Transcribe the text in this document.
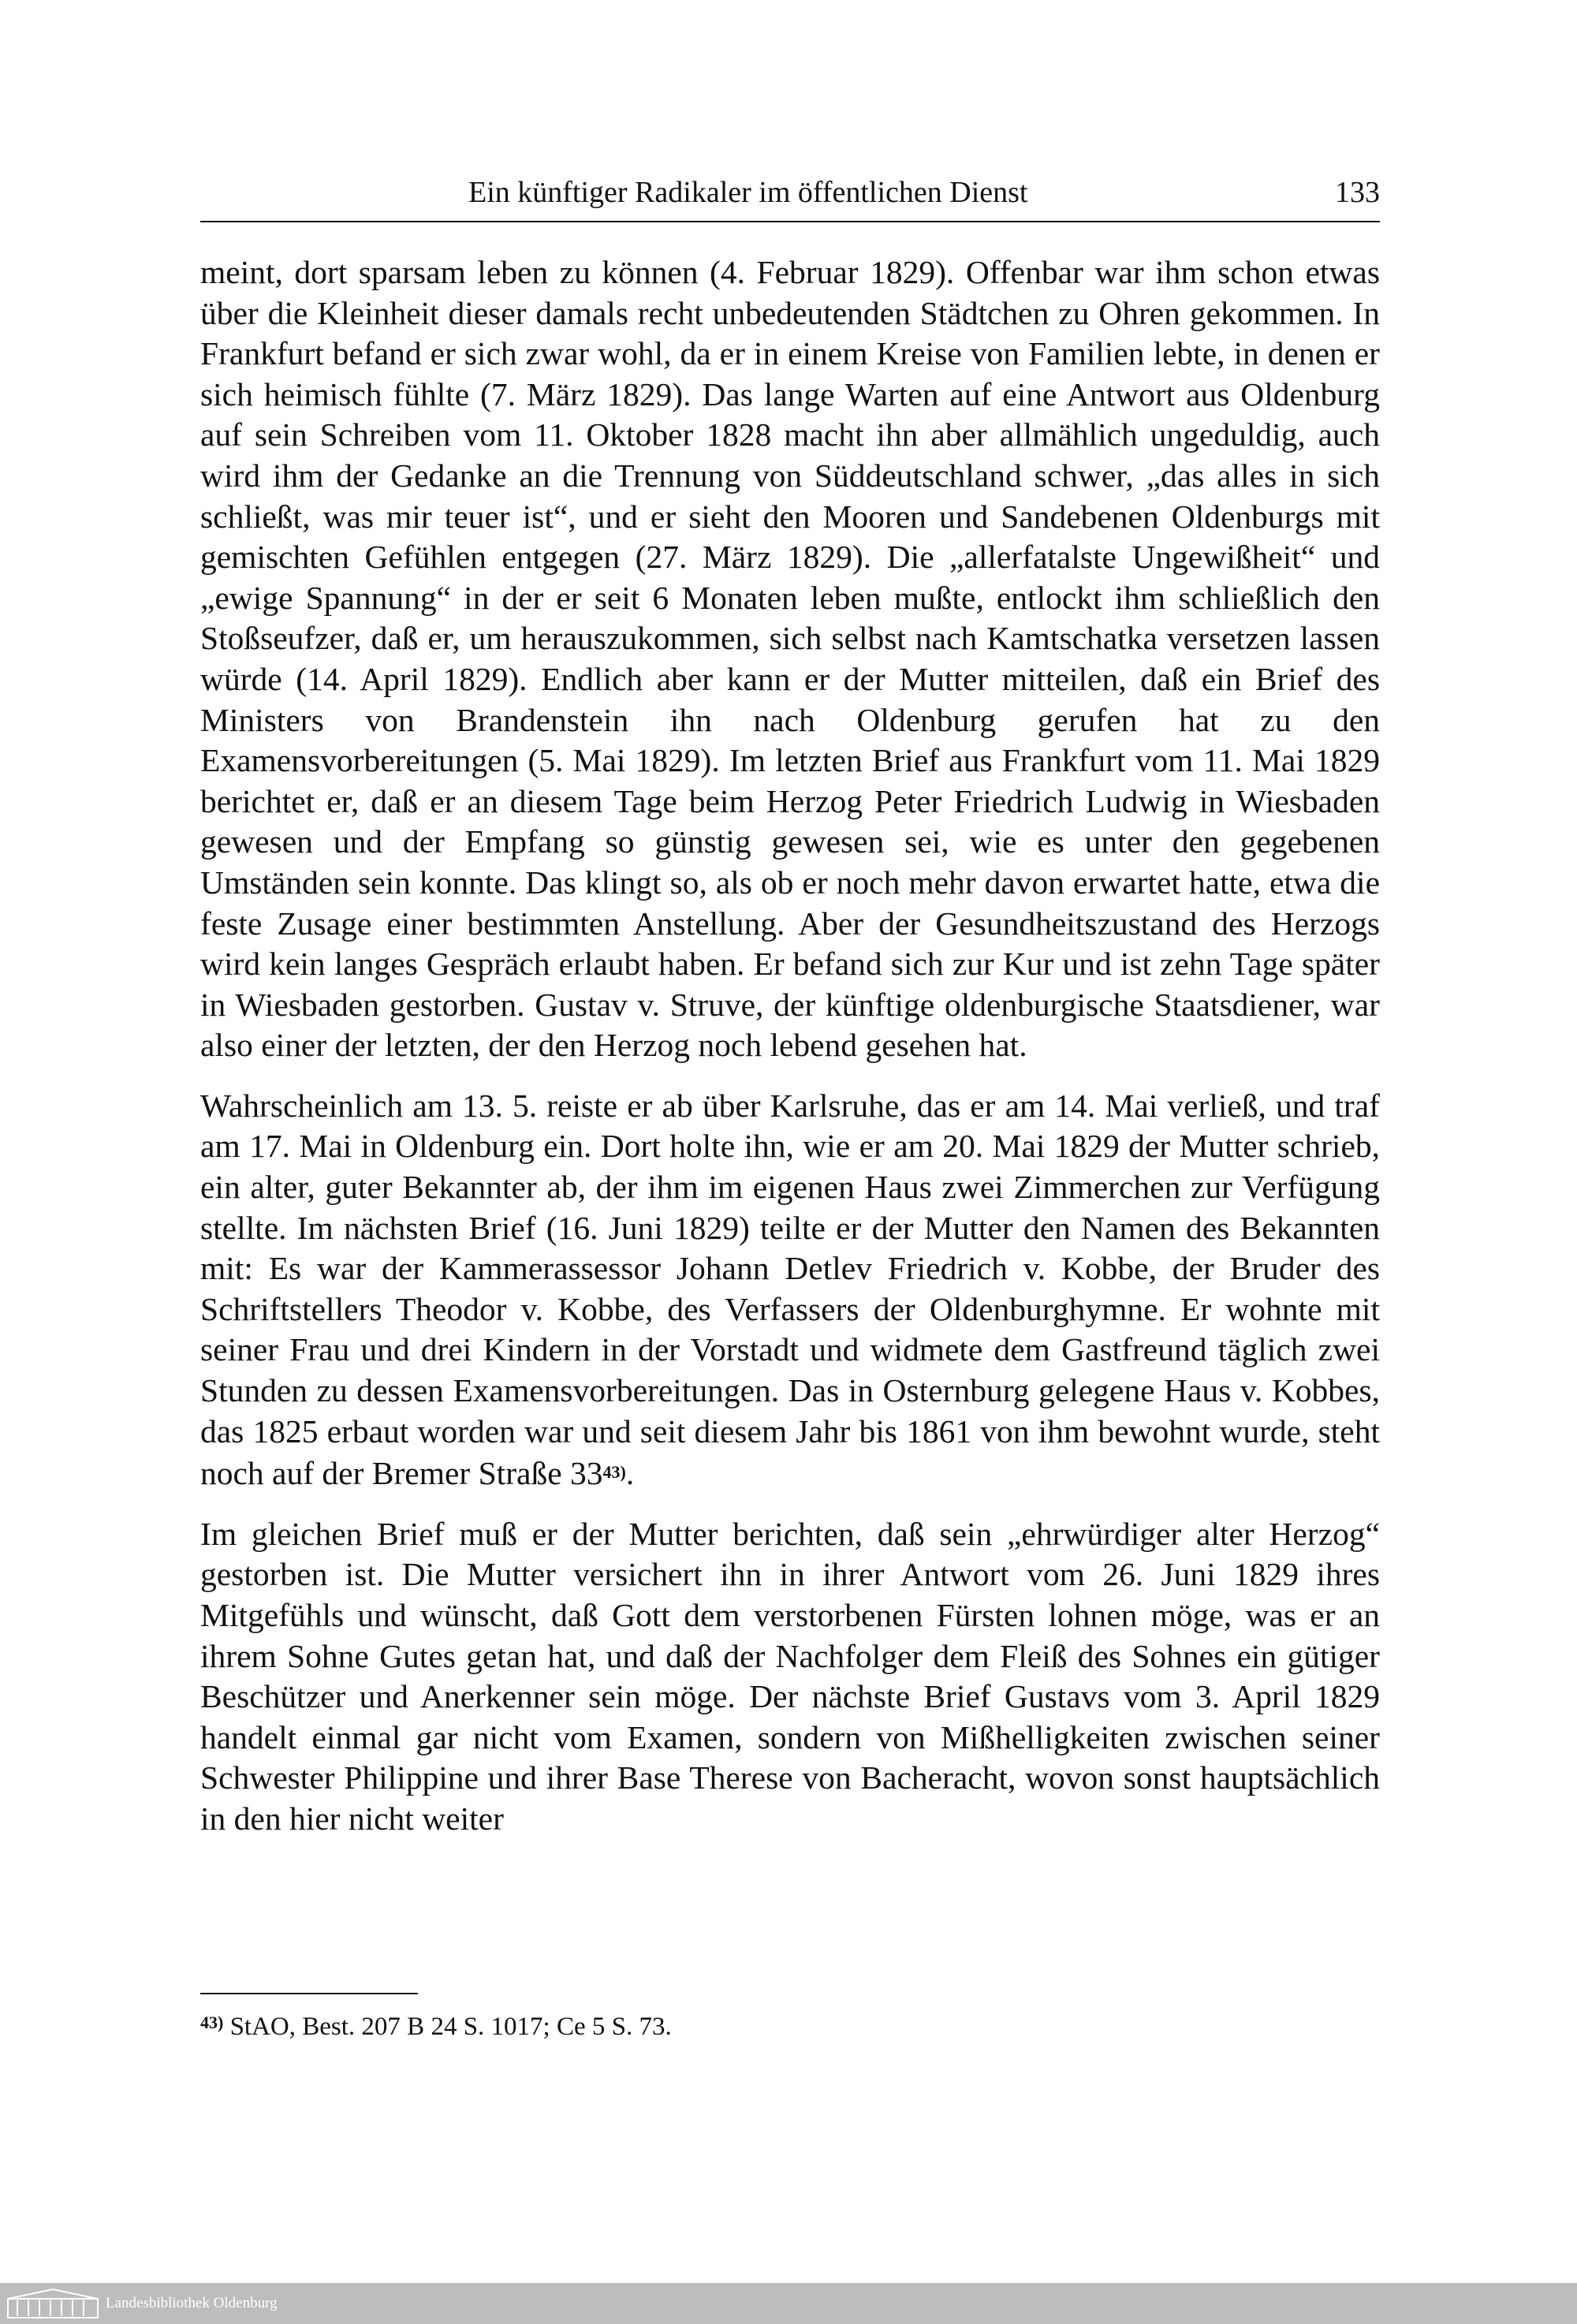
Ein künftiger Radikaler im öffentlichen Dienst	133

meint, dort sparsam leben zu können (4. Februar 1829). Offenbar war ihm schon etwas über die Kleinheit dieser damals recht unbedeutenden Städtchen zu Ohren gekommen. In Frankfurt befand er sich zwar wohl, da er in einem Kreise von Familien lebte, in denen er sich heimisch fühlte (7. März 1829). Das lange Warten auf eine Antwort aus Oldenburg auf sein Schreiben vom 11. Oktober 1828 macht ihn aber allmählich ungeduldig, auch wird ihm der Gedanke an die Trennung von Süddeutschland schwer, „das alles in sich schließt, was mir teuer ist“, und er sieht den Mooren und Sandebenen Oldenburgs mit gemischten Gefühlen entgegen (27. März 1829). Die „allerfatalste Ungewißheit“ und „ewige Spannung“ in der er seit 6 Monaten leben mußte, entlockt ihm schließlich den Stoßseufzer, daß er, um herauszukommen, sich selbst nach Kamtschatka versetzen lassen würde (14. April 1829). Endlich aber kann er der Mutter mitteilen, daß ein Brief des Ministers von Brandenstein ihn nach Oldenburg gerufen hat zu den Examensvorbereitungen (5. Mai 1829). Im letzten Brief aus Frankfurt vom 11. Mai 1829 berichtet er, daß er an diesem Tage beim Herzog Peter Friedrich Ludwig in Wiesbaden gewesen und der Empfang so günstig gewesen sei, wie es unter den gegebenen Umständen sein konnte. Das klingt so, als ob er noch mehr davon erwartet hatte, etwa die feste Zusage einer bestimmten Anstellung. Aber der Gesundheitszustand des Herzogs wird kein langes Gespräch erlaubt haben. Er befand sich zur Kur und ist zehn Tage später in Wiesbaden gestorben. Gustav v. Struve, der künftige oldenburgische Staatsdiener, war also einer der letzten, der den Herzog noch lebend gesehen hat.

Wahrscheinlich am 13. 5. reiste er ab über Karlsruhe, das er am 14. Mai verließ, und traf am 17. Mai in Oldenburg ein. Dort holte ihn, wie er am 20. Mai 1829 der Mutter schrieb, ein alter, guter Bekannter ab, der ihm im eigenen Haus zwei Zimmerchen zur Verfügung stellte. Im nächsten Brief (16. Juni 1829) teilte er der Mutter den Namen des Bekannten mit: Es war der Kammerassessor Johann Detlev Friedrich v. Kobbe, der Bruder des Schriftstellers Theodor v. Kobbe, des Verfassers der Oldenburghymne. Er wohnte mit seiner Frau und drei Kindern in der Vorstadt und widmete dem Gastfreund täglich zwei Stunden zu dessen Examensvorbereitungen. Das in Osternburg gelegene Haus v. Kobbes, das 1825 erbaut worden war und seit diesem Jahr bis 1861 von ihm bewohnt wurde, steht noch auf der Bremer Straße 33$^{43)}$.

Im gleichen Brief muß er der Mutter berichten, daß sein „ehrwürdiger alter Herzog“ gestorben ist. Die Mutter versichert ihn in ihrer Antwort vom 26. Juni 1829 ihres Mitgefühls und wünscht, daß Gott dem verstorbenen Fürsten lohnen möge, was er an ihrem Sohne Gutes getan hat, und daß der Nachfolger dem Fleiß des Sohnes ein gütiger Beschützer und Anerkenner sein möge. Der nächste Brief Gustavs vom 3. April 1829 handelt einmal gar nicht vom Examen, sondern von Mißhelligkeiten zwischen seiner Schwester Philippine und ihrer Base Therese von Bacheracht, wovon sonst hauptsächlich in den hier nicht weiter

$^{43)}$ StAO, Best. 207 B 24 S. 1017; Ce 5 S. 73.
Landesbibliothek Oldenburg
